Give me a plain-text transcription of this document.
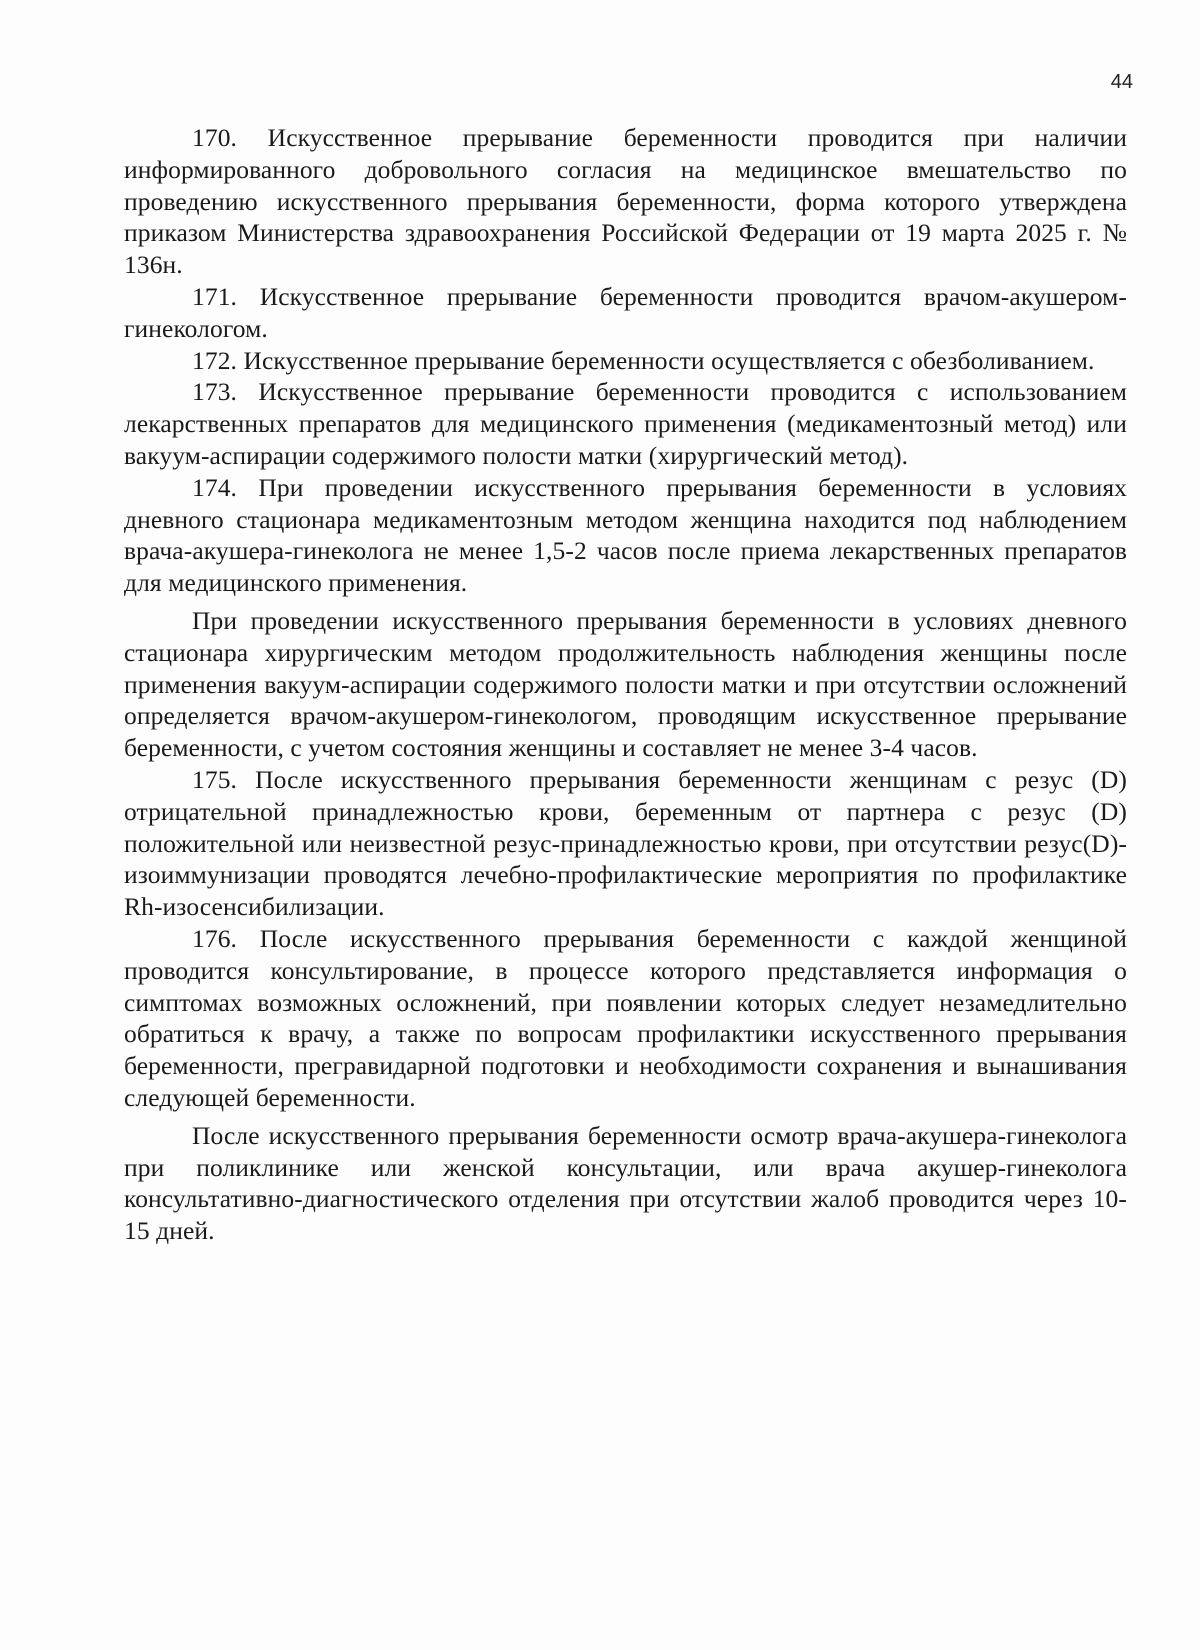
44

170. Искусственное прерывание беременности проводится при наличии информированного добровольного согласия на медицинское вмешательство по проведению искусственного прерывания беременности, форма которого утверждена приказом Министерства здравоохранения Российской Федерации от 19 марта 2025 г. № 136н.

171. Искусственное прерывание беременности проводится врачом-акушером-гинекологом.

172. Искусственное прерывание беременности осуществляется с обезболиванием.

173. Искусственное прерывание беременности проводится с использованием лекарственных препаратов для медицинского применения (медикаментозный метод) или вакуум-аспирации содержимого полости матки (хирургический метод).

174. При проведении искусственного прерывания беременности в условиях дневного стационара медикаментозным методом женщина находится под наблюдением врача-акушера-гинеколога не менее 1,5-2 часов после приема лекарственных препаратов для медицинского применения.

При проведении искусственного прерывания беременности в условиях дневного стационара хирургическим методом продолжительность наблюдения женщины после применения вакуум-аспирации содержимого полости матки и при отсутствии осложнений определяется врачом-акушером-гинекологом, проводящим искусственное прерывание беременности, с учетом состояния женщины и составляет не менее 3-4 часов.

175. После искусственного прерывания беременности женщинам с резус (D) отрицательной принадлежностью крови, беременным от партнера с резус (D) положительной или неизвестной резус-принадлежностью крови, при отсутствии резус(D)-изоиммунизации проводятся лечебно-профилактические мероприятия по профилактике Rh-изосенсибилизации.

176. После искусственного прерывания беременности с каждой женщиной проводится консультирование, в процессе которого представляется информация о симптомах возможных осложнений, при появлении которых следует незамедлительно обратиться к врачу, а также по вопросам профилактики искусственного прерывания беременности, прегравидарной подготовки и необходимости сохранения и вынашивания следующей беременности.

После искусственного прерывания беременности осмотр врача-акушера-гинеколога при поликлинике или женской консультации, или врача акушер-гинеколога консультативно-диагностического отделения при отсутствии жалоб проводится через 10-15 дней.
